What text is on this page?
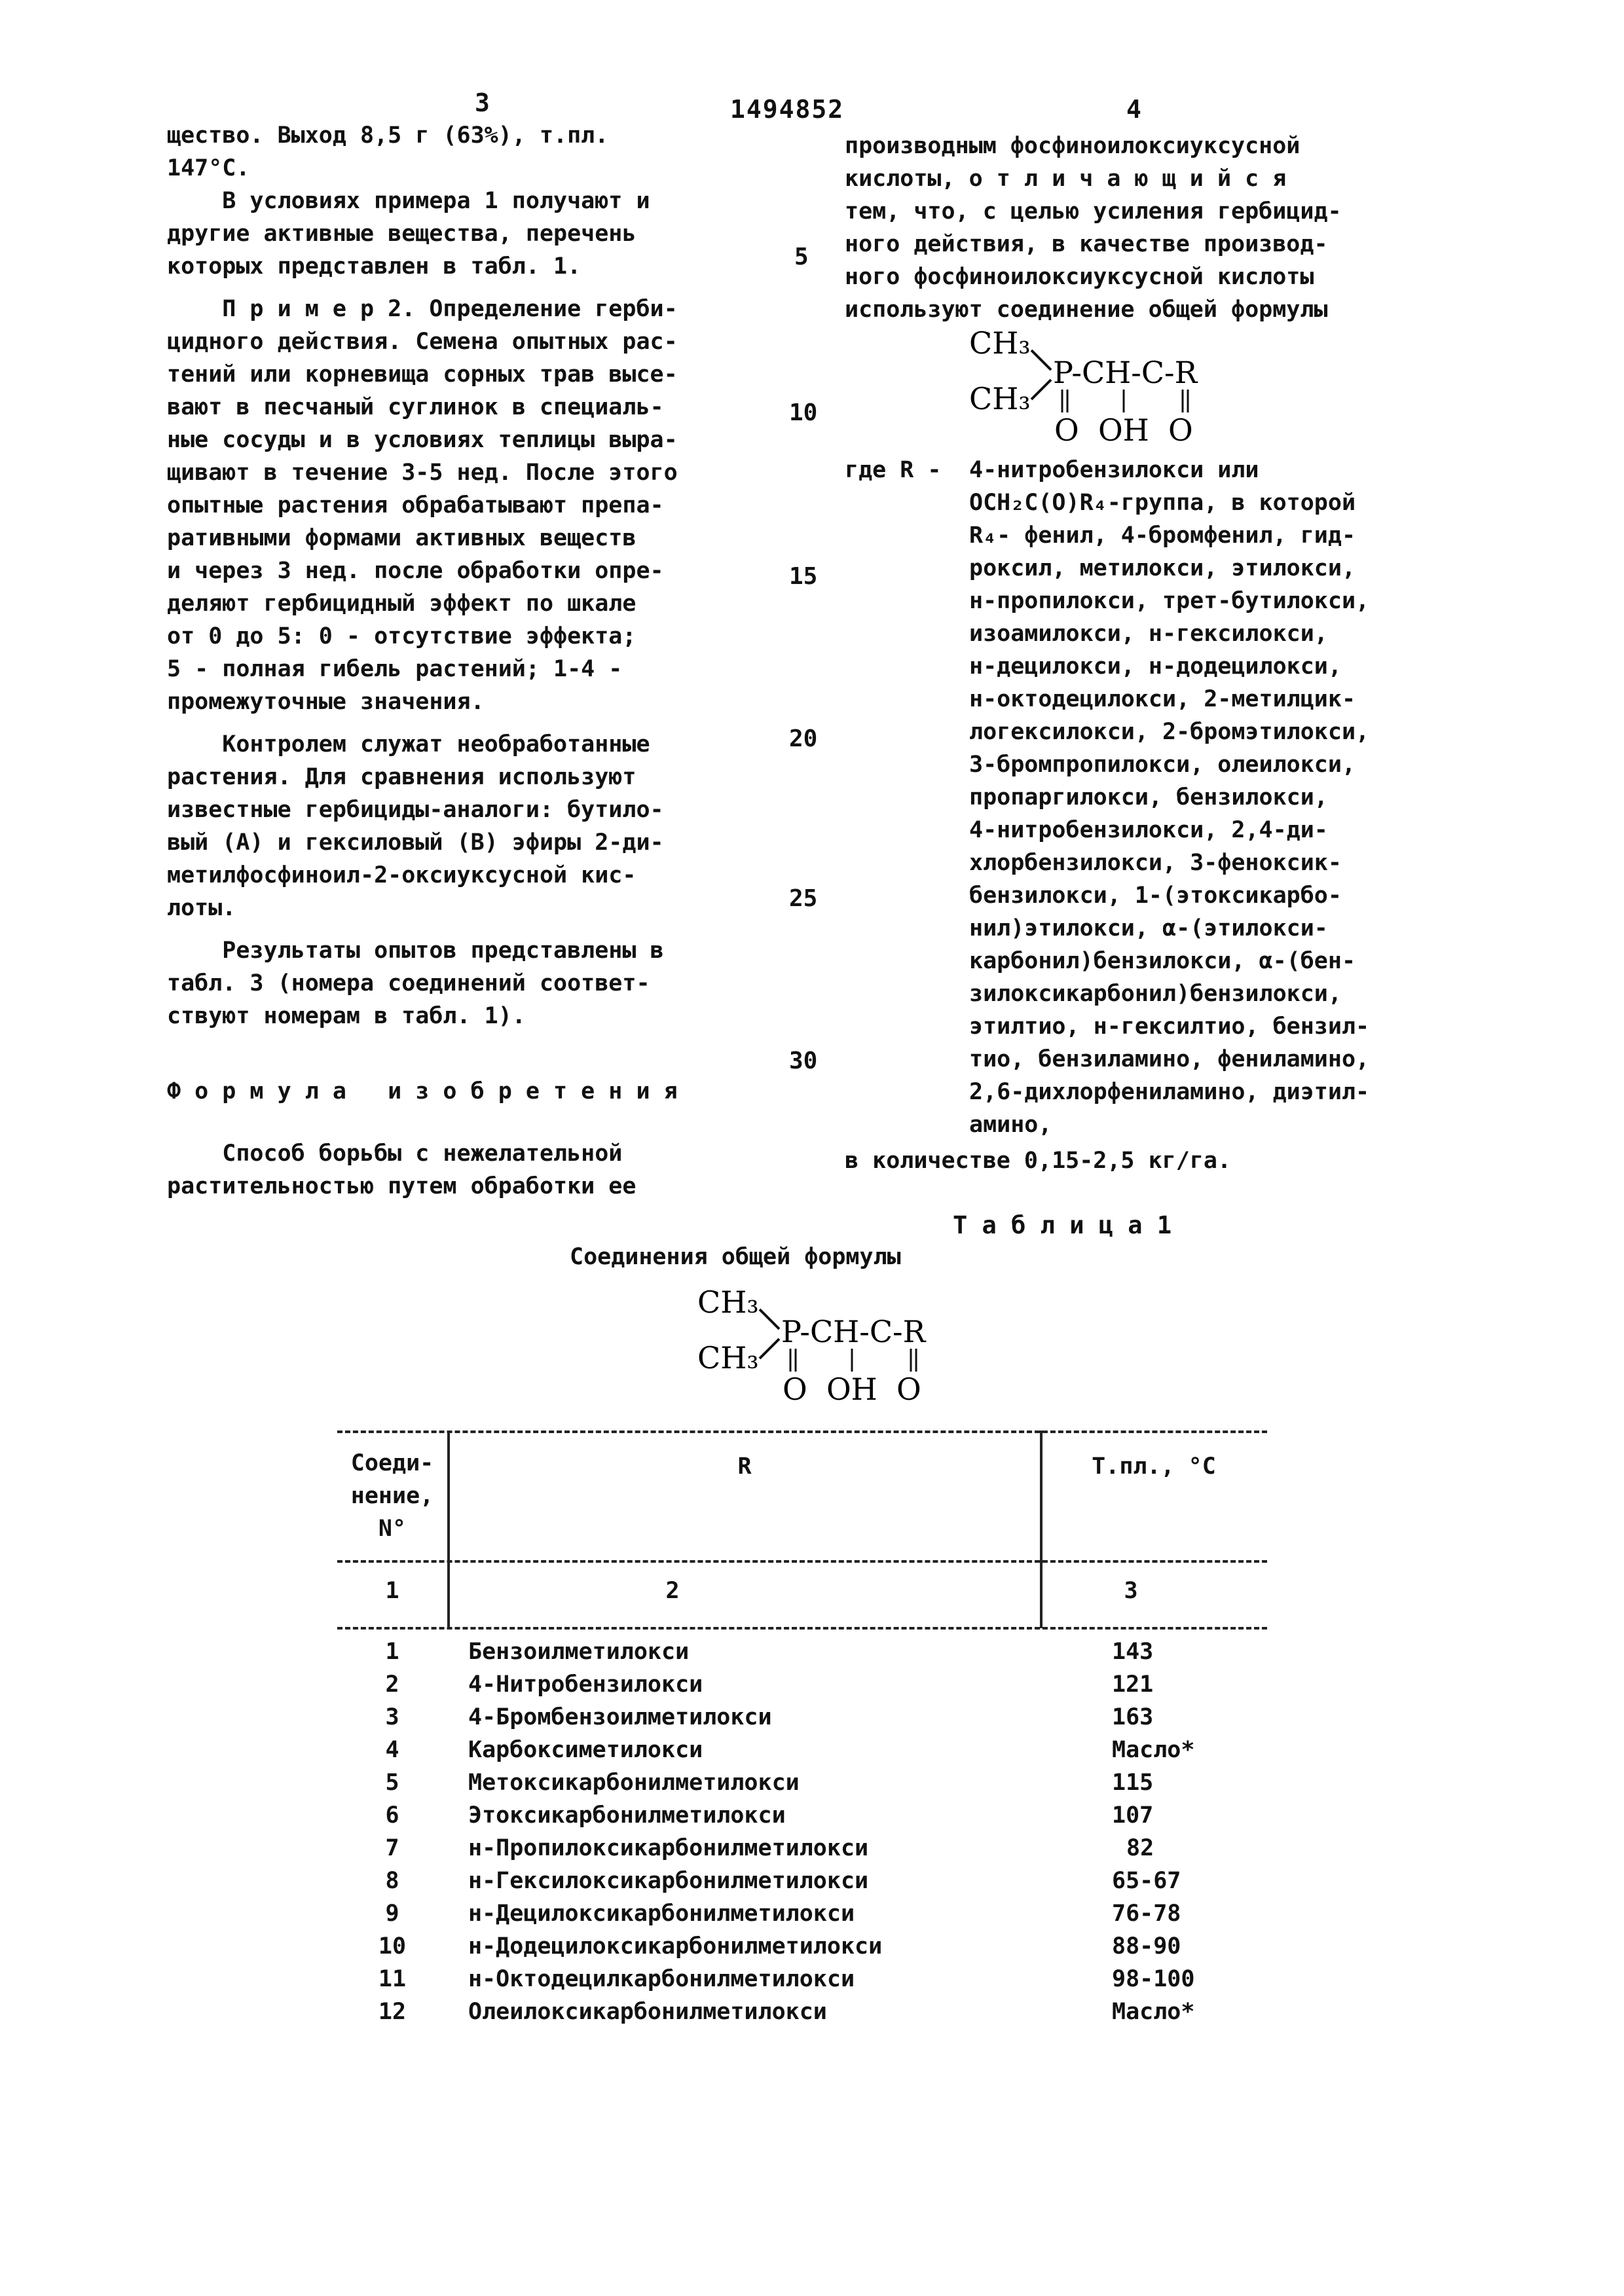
3	1494852	4

щество. Выход 8,5 г (63%), т.пл.

147°С.

В условиях примера 1 получают и

другие активные вещества, перечень

которых представлен в табл. 1.

П р и м е р 2. Определение герби-

цидного действия. Семена опытных рас-

тений или корневища сорных трав высе-

вают в песчаный суглинок в специаль-

ные сосуды и в условиях теплицы выра-

щивают в течение 3-5 нед. После этого

опытные растения обрабатывают препа-

ративными формами активных веществ

и через 3 нед. после обработки опре-

деляют гербицидный эффект по шкале

от 0 до 5: 0 - отсутствие эффекта;

5 - полная гибель растений; 1-4 -

промежуточные значения.

Контролем служат необработанные

растения. Для сравнения используют

известные гербициды-аналоги: бутило-

вый (А) и гексиловый (В) эфиры 2-ди-

метилфосфиноил-2-оксиуксусной кис-

лоты.

Результаты опытов представлены в

табл. 3 (номера соединений соответ-

ствуют номерам в табл. 1).

Ф о р м у л а   и з о б р е т е н и я

Способ борьбы с нежелательной

растительностью путем обработки ее

5
10
15
20
25
30

производным фосфиноилоксиуксусной

кислоты, о т л и ч а ю щ и й с я

тем, что, с целью усиления гербицид-

ного действия, в качестве производ-

ного фосфиноилоксиуксусной кислоты

используют соединение общей формулы

CH₃
CH₃
P-CH-C-R
O  OH  O
где R - 4-нитробензилокси или

OCH₂C(O)R₄-группа, в которой

R₄- фенил, 4-бромфенил, гид-

роксил, метилокси, этилокси,

н-пропилокси, трет-бутилокси,

изоамилокси, н-гексилокси,

н-децилокси, н-додецилокси,

н-октодецилокси, 2-метилцик-

логексилокси, 2-бромэтилокси,

3-бромпропилокси, олеилокси,

пропаргилокси, бензилокси,

4-нитробензилокси, 2,4-ди-

хлорбензилокси, 3-феноксик-

бензилокси, 1-(этоксикарбо-

нил)этилокси, α-(этилокси-

карбонил)бензилокси, α-(бен-

зилоксикарбонил)бензилокси,

этилтио, н-гексилтио, бензил-

тио, бензиламино, фениламино,

2,6-дихлорфениламино, диэтил-

амино,

в количестве 0,15-2,5 кг/га.
Т а б л и ц а 1
Соединения общей формулы
CH₃
CH₃
P-CH-C-R
O  OH  O
Соеди-
нение,
N°
R	Т.пл., °С
1	2	3
1	Бензоилметилокси	143
2	4-Нитробензилокси	121
3	4-Бромбензоилметилокси	163
4	Карбоксиметилокси	Масло*
5	Метоксикарбонилметилокси	115
6	Этоксикарбонилметилокси	107
7	н-Пропилоксикарбонилметилокси	82
8	н-Гексилоксикарбонилметилокси	65-67
9	н-Децилоксикарбонилметилокси	76-78
10	н-Додецилоксикарбонилметилокси	88-90
11	н-Октодецилкарбонилметилокси	98-100
12	Олеилоксикарбонилметилокси	Масло*
